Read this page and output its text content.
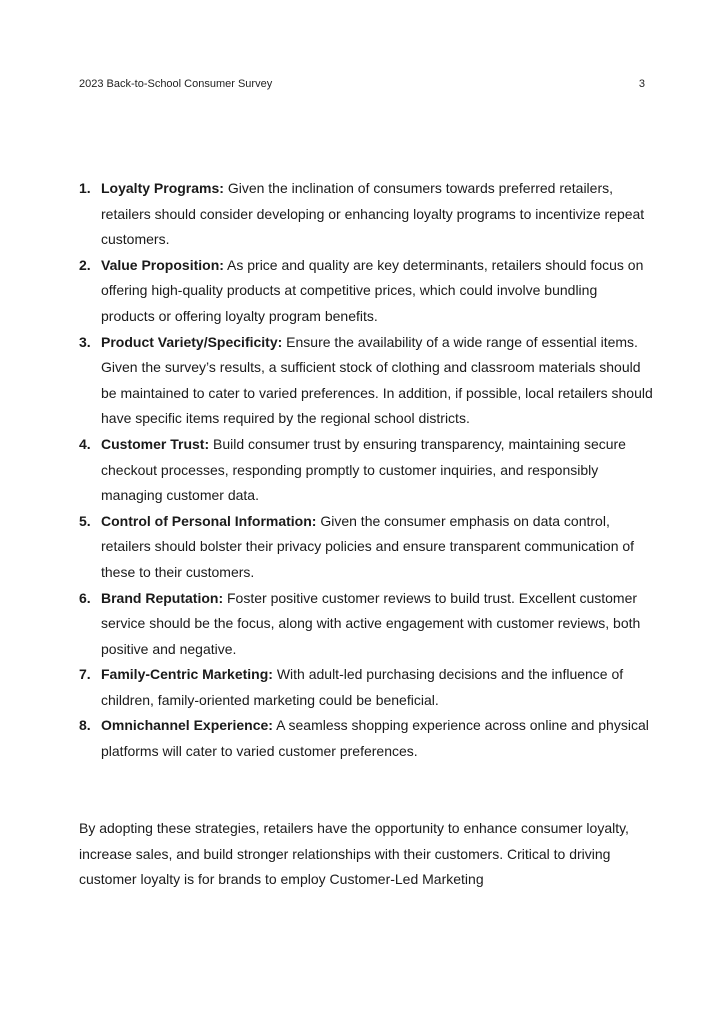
2023 Back-to-School Consumer Survey	3
1. Loyalty Programs: Given the inclination of consumers towards preferred retailers, retailers should consider developing or enhancing loyalty programs to incentivize repeat customers.
2. Value Proposition: As price and quality are key determinants, retailers should focus on offering high-quality products at competitive prices, which could involve bundling products or offering loyalty program benefits.
3. Product Variety/Specificity: Ensure the availability of a wide range of essential items. Given the survey’s results, a sufficient stock of clothing and classroom materials should be maintained to cater to varied preferences. In addition, if possible, local retailers should have specific items required by the regional school districts.
4. Customer Trust: Build consumer trust by ensuring transparency, maintaining secure checkout processes, responding promptly to customer inquiries, and responsibly managing customer data.
5. Control of Personal Information: Given the consumer emphasis on data control, retailers should bolster their privacy policies and ensure transparent communication of these to their customers.
6. Brand Reputation: Foster positive customer reviews to build trust. Excellent customer service should be the focus, along with active engagement with customer reviews, both positive and negative.
7. Family-Centric Marketing: With adult-led purchasing decisions and the influence of children, family-oriented marketing could be beneficial.
8. Omnichannel Experience: A seamless shopping experience across online and physical platforms will cater to varied customer preferences.

By adopting these strategies, retailers have the opportunity to enhance consumer loyalty, increase sales, and build stronger relationships with their customers. Critical to driving customer loyalty is for brands to employ Customer-Led Marketing
